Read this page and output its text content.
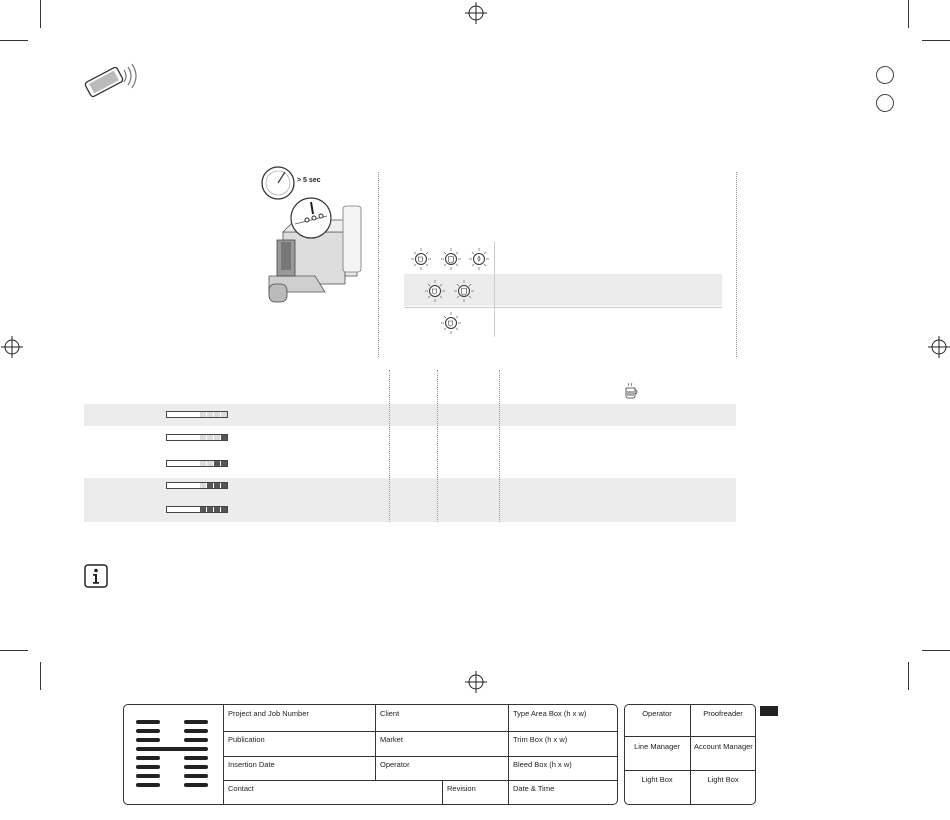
> 5 sec
Project and Job Number	Client	Type Area Box (h x w)
Publication	Market	Trim Box (h x w)
Insertion Date	Operator	Bleed Box (h x w)
Contact	Revision	Date & Time
Operator	Proofreader
Line Manager	Account Manager
Light Box	Light Box
